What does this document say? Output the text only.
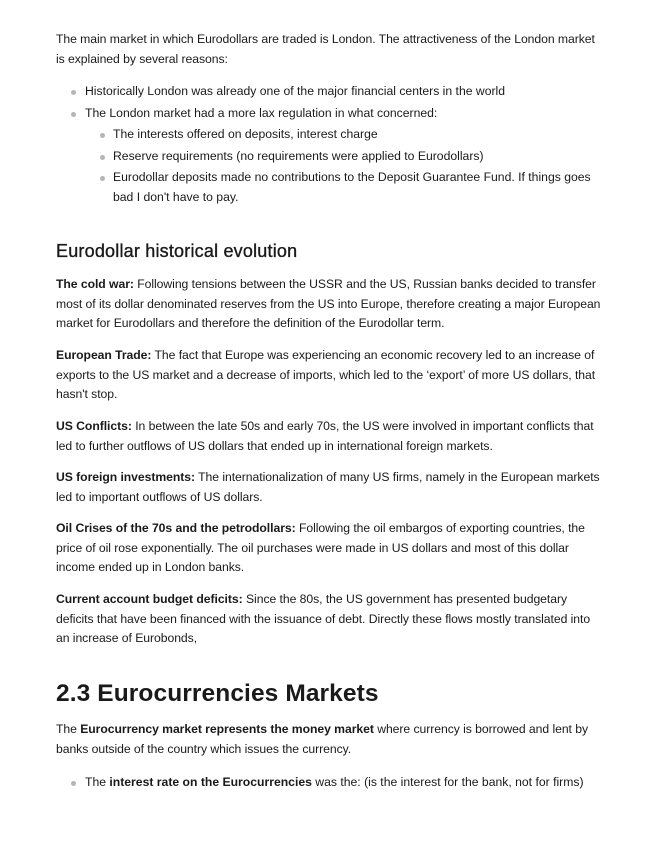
The main market in which Eurodollars are traded is London. The attractiveness of the London market is explained by several reasons:

Historically London was already one of the major financial centers in the world
The London market had a more lax regulation in what concerned:
The interests offered on deposits, interest charge
Reserve requirements (no requirements were applied to Eurodollars)
Eurodollar deposits made no contributions to the Deposit Guarantee Fund. If things goes bad I don't have to pay.
Eurodollar historical evolution

The cold war: Following tensions between the USSR and the US, Russian banks decided to transfer most of its dollar denominated reserves from the US into Europe, therefore creating a major European market for Eurodollars and therefore the definition of the Eurodollar term.

European Trade: The fact that Europe was experiencing an economic recovery led to an increase of exports to the US market and a decrease of imports, which led to the ‘export’ of more US dollars, that hasn't stop.

US Conflicts: In between the late 50s and early 70s, the US were involved in important conflicts that led to further outflows of US dollars that ended up in international foreign markets.

US foreign investments: The internationalization of many US firms, namely in the European markets led to important outflows of US dollars.

Oil Crises of the 70s and the petrodollars: Following the oil embargos of exporting countries, the price of oil rose exponentially. The oil purchases were made in US dollars and most of this dollar income ended up in London banks.

Current account budget deficits: Since the 80s, the US government has presented budgetary deficits that have been financed with the issuance of debt. Directly these flows mostly translated into an increase of Eurobonds,

2.3 Eurocurrencies Markets

The Eurocurrency market represents the money market where currency is borrowed and lent by banks outside of the country which issues the currency.

The interest rate on the Eurocurrencies was the: (is the interest for the bank, not for firms)
